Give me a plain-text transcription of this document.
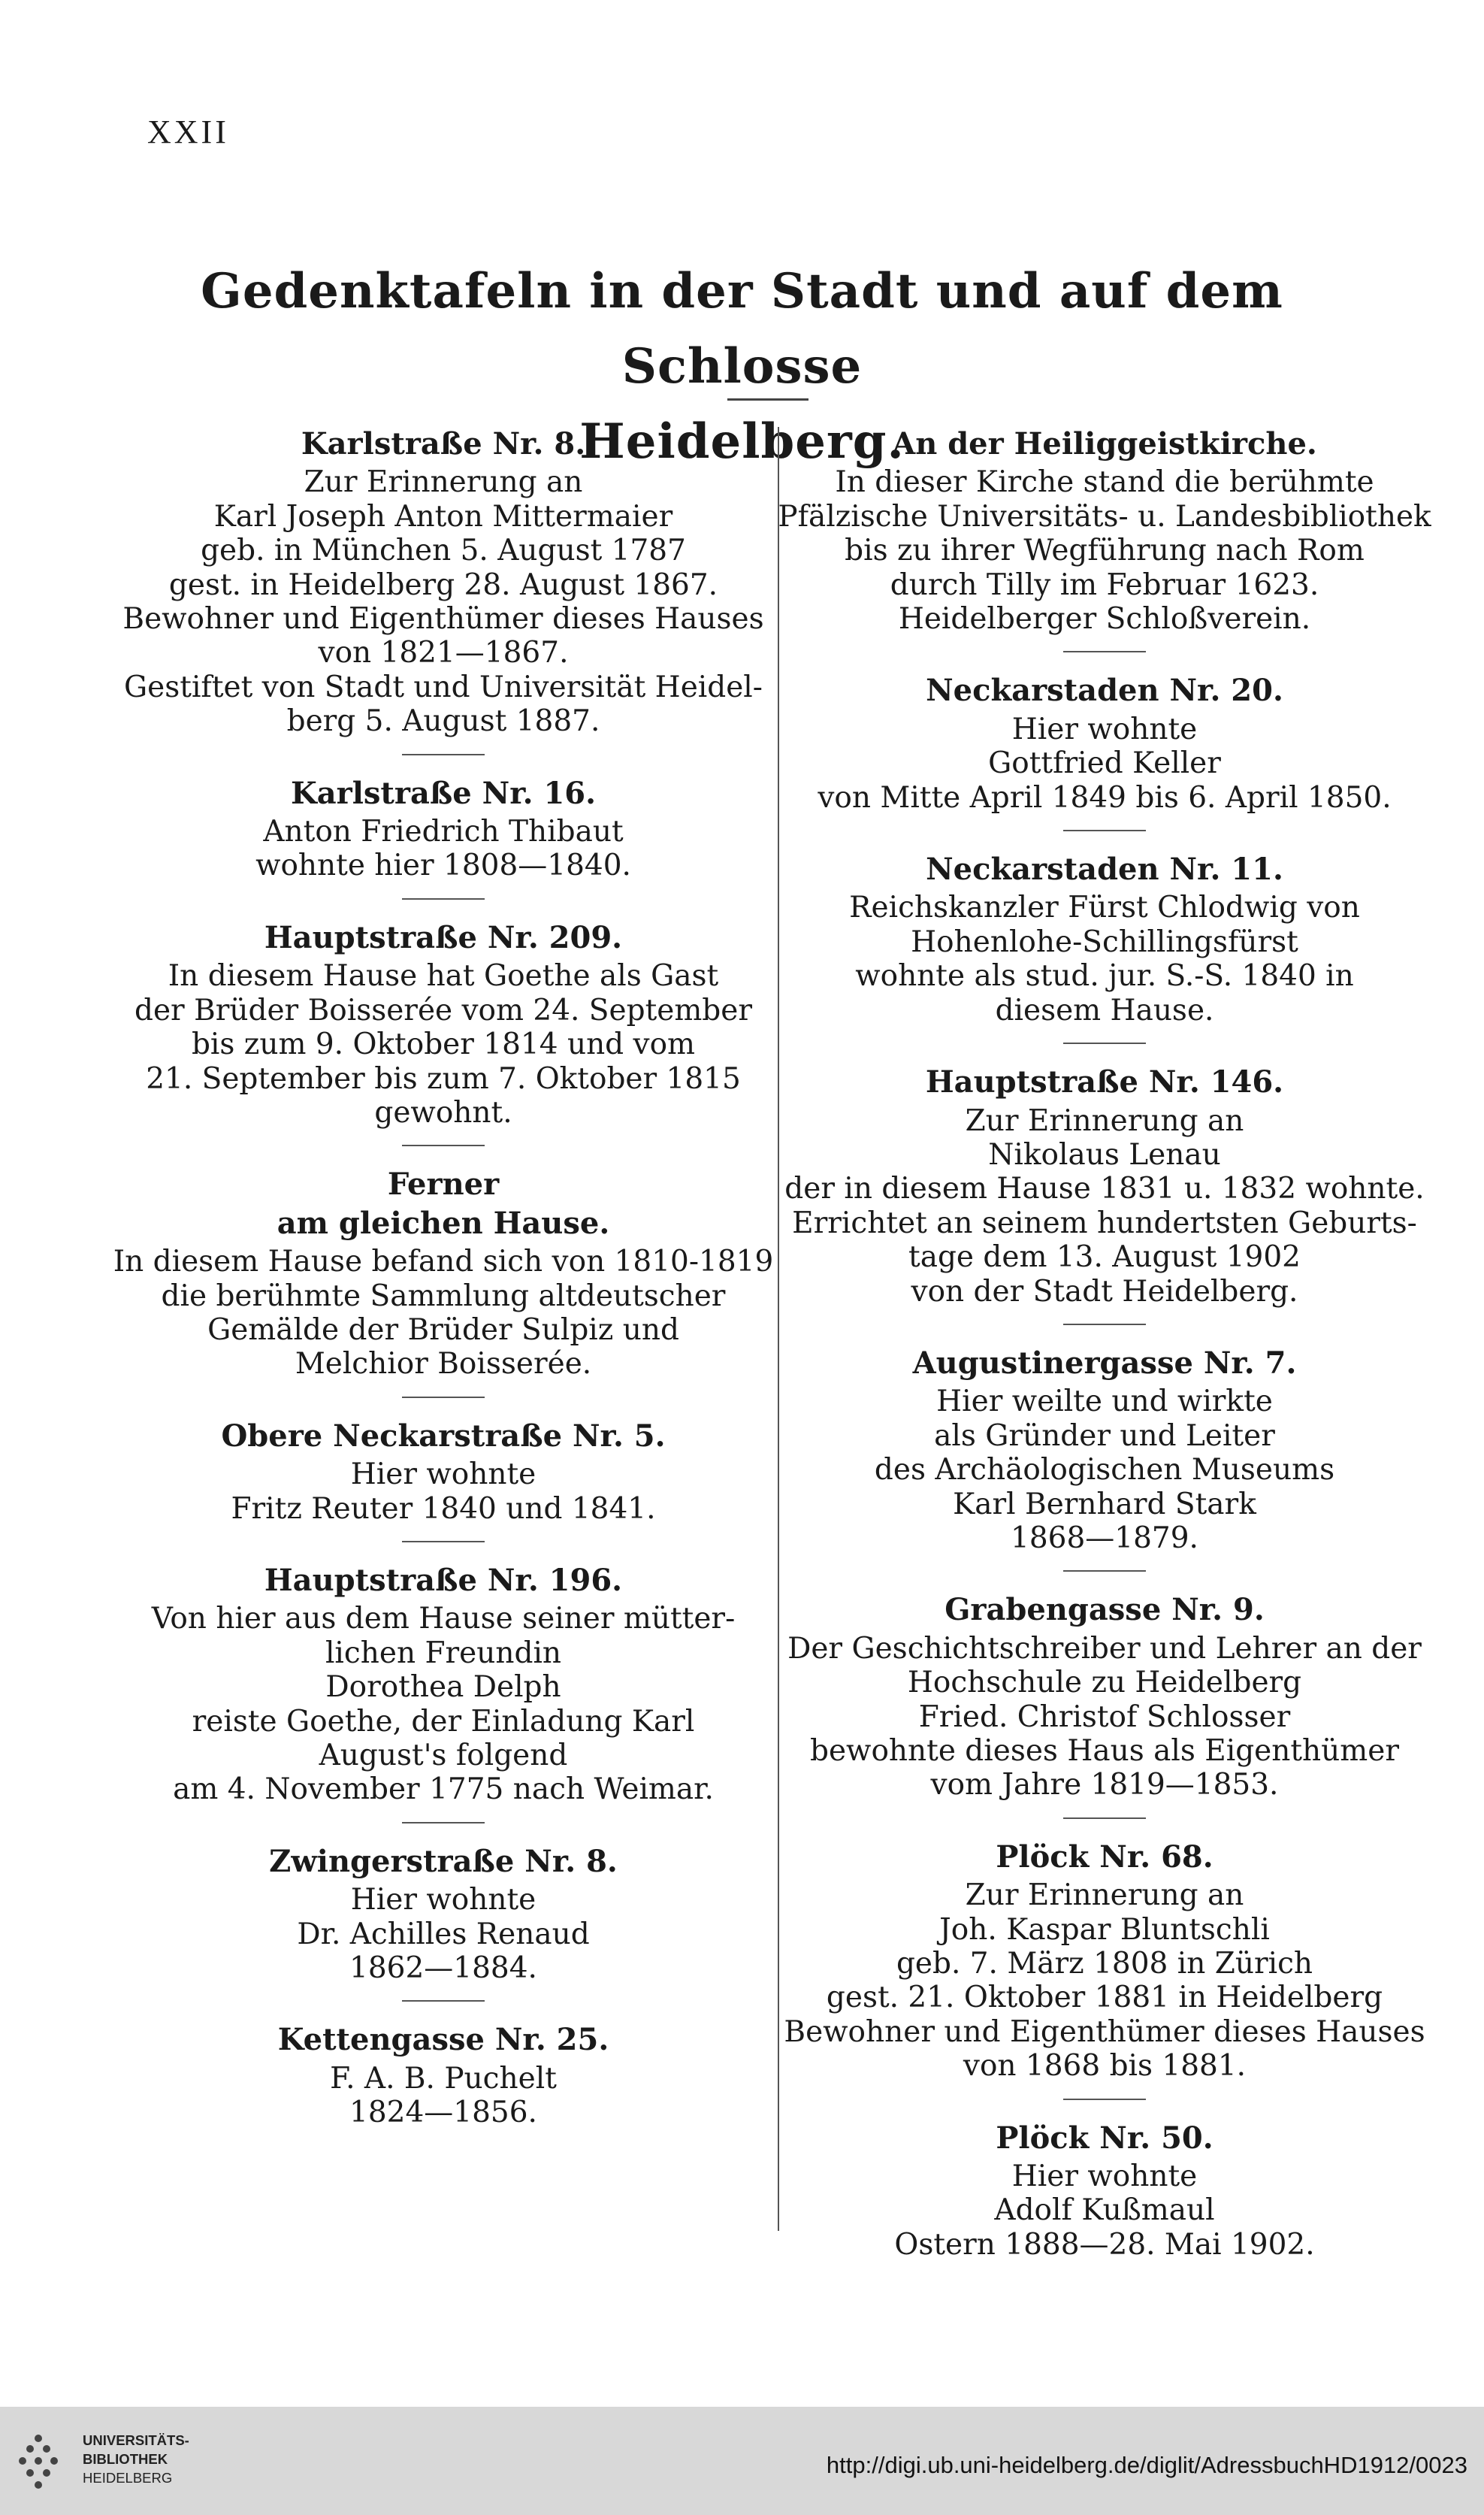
XXII
Gedenktafeln in der Stadt und auf dem Schlosse
Heidelberg.
Karlstraße Nr. 8.
Zur Erinnerung an
Karl Joseph Anton Mittermaier
geb. in München 5. August 1787
gest. in Heidelberg 28. August 1867.
Bewohner und Eigenthümer dieses Hauses
von 1821—1867.
Gestiftet von Stadt und Universität Heidel-
berg 5. August 1887.
Karlstraße Nr. 16.
Anton Friedrich Thibaut
wohnte hier 1808—1840.
Hauptstraße Nr. 209.
In diesem Hause hat Goethe als Gast
der Brüder Boisserée vom 24. September
bis zum 9. Oktober 1814 und vom
21. September bis zum 7. Oktober 1815
gewohnt.
Ferner
am gleichen Hause.
In diesem Hause befand sich von 1810-1819
die berühmte Sammlung altdeutscher
Gemälde der Brüder Sulpiz und
Melchior Boisserée.
Obere Neckarstraße Nr. 5.
Hier wohnte
Fritz Reuter 1840 und 1841.
Hauptstraße Nr. 196.
Von hier aus dem Hause seiner mütter-
lichen Freundin
Dorothea Delph
reiste Goethe, der Einladung Karl
August's folgend
am 4. November 1775 nach Weimar.
Zwingerstraße Nr. 8.
Hier wohnte
Dr. Achilles Renaud
1862—1884.
Kettengasse Nr. 25.
F. A. B. Puchelt
1824—1856.
An der Heiliggeistkirche.
In dieser Kirche stand die berühmte
Pfälzische Universitäts- u. Landesbibliothek
bis zu ihrer Wegführung nach Rom
durch Tilly im Februar 1623.
Heidelberger Schloßverein.
Neckarstaden Nr. 20.
Hier wohnte
Gottfried Keller
von Mitte April 1849 bis 6. April 1850.
Neckarstaden Nr. 11.
Reichskanzler Fürst Chlodwig von
Hohenlohe-Schillingsfürst
wohnte als stud. jur. S.-S. 1840 in
diesem Hause.
Hauptstraße Nr. 146.
Zur Erinnerung an
Nikolaus Lenau
der in diesem Hause 1831 u. 1832 wohnte.
Errichtet an seinem hundertsten Geburts-
tage dem 13. August 1902
von der Stadt Heidelberg.
Augustinergasse Nr. 7.
Hier weilte und wirkte
als Gründer und Leiter
des Archäologischen Museums
Karl Bernhard Stark
1868—1879.
Grabengasse Nr. 9.
Der Geschichtschreiber und Lehrer an der
Hochschule zu Heidelberg
Fried. Christof Schlosser
bewohnte dieses Haus als Eigenthümer
vom Jahre 1819—1853.
Plöck Nr. 68.
Zur Erinnerung an
Joh. Kaspar Bluntschli
geb. 7. März 1808 in Zürich
gest. 21. Oktober 1881 in Heidelberg
Bewohner und Eigenthümer dieses Hauses
von 1868 bis 1881.
Plöck Nr. 50.
Hier wohnte
Adolf Kußmaul
Ostern 1888—28. Mai 1902.
UNIVERSITÄTS-
BIBLIOTHEK
HEIDELBERG	http://digi.ub.uni-heidelberg.de/diglit/AdressbuchHD1912/0023
